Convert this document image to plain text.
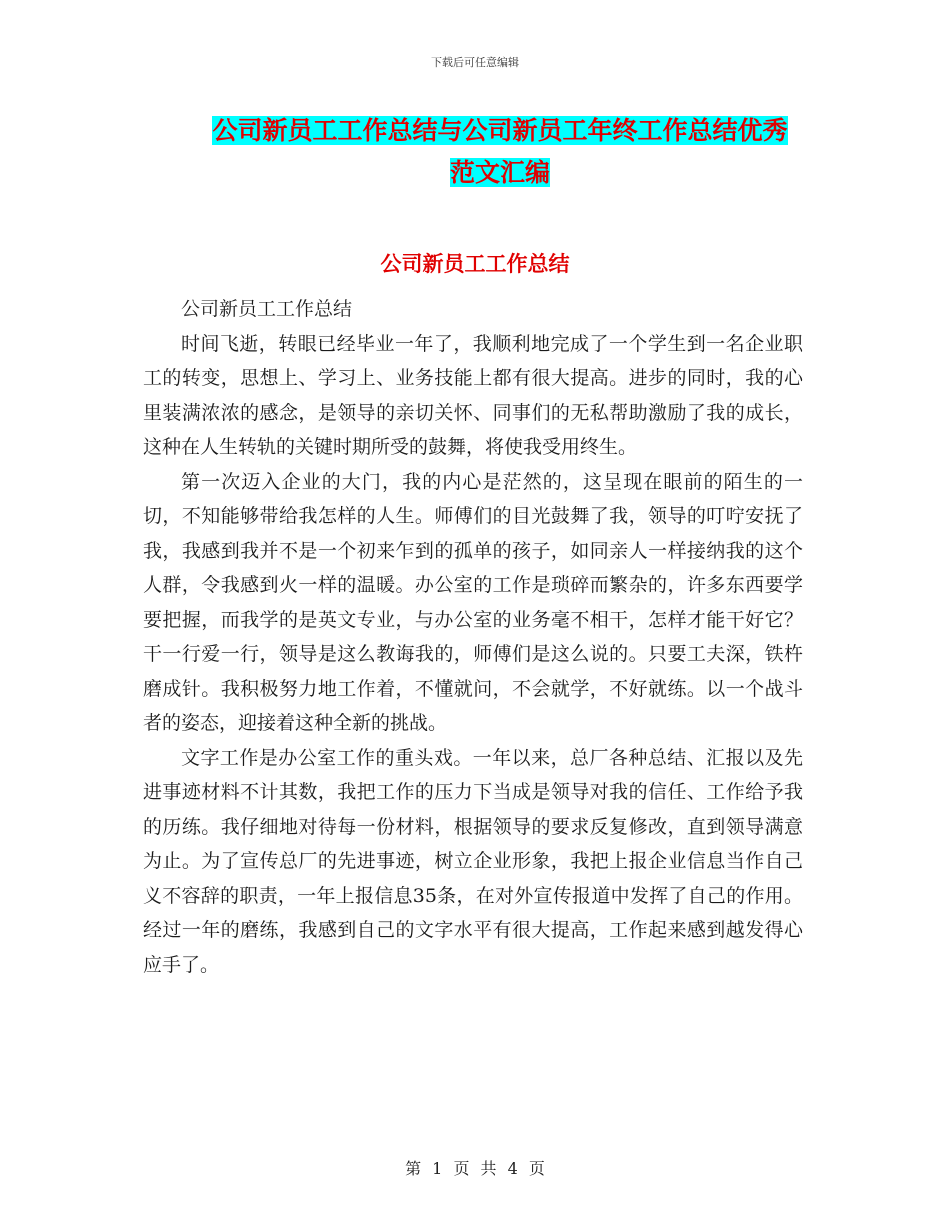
下载后可任意编辑
公司新员工工作总结与公司新员工年终工作总结优秀
范文汇编
公司新员工工作总结

公司新员工工作总结

时间飞逝，转眼已经毕业一年了，我顺利地完成了一个学生到一名企业职工的转变，思想上、学习上、业务技能上都有很大提高。进步的同时，我的心里装满浓浓的感念，是领导的亲切关怀、同事们的无私帮助激励了我的成长，这种在人生转轨的关键时期所受的鼓舞，将使我受用终生。

第一次迈入企业的大门，我的内心是茫然的，这呈现在眼前的陌生的一切，不知能够带给我怎样的人生。师傅们的目光鼓舞了我，领导的叮咛安抚了我，我感到我并不是一个初来乍到的孤单的孩子，如同亲人一样接纳我的这个人群，令我感到火一样的温暖。办公室的工作是琐碎而繁杂的，许多东西要学要把握，而我学的是英文专业，与办公室的业务毫不相干，怎样才能干好它？干一行爱一行，领导是这么教诲我的，师傅们是这么说的。只要工夫深，铁杵磨成针。我积极努力地工作着，不懂就问，不会就学，不好就练。以一个战斗者的姿态，迎接着这种全新的挑战。

文字工作是办公室工作的重头戏。一年以来，总厂各种总结、汇报以及先进事迹材料不计其数，我把工作的压力下当成是领导对我的信任、工作给予我的历练。我仔细地对待每一份材料，根据领导的要求反复修改，直到领导满意为止。为了宣传总厂的先进事迹，树立企业形象，我把上报企业信息当作自己义不容辞的职责，一年上报信息35条，在对外宣传报道中发挥了自己的作用。经过一年的磨练，我感到自己的文字水平有很大提高，工作起来感到越发得心应手了。

第 1 页 共 4 页
